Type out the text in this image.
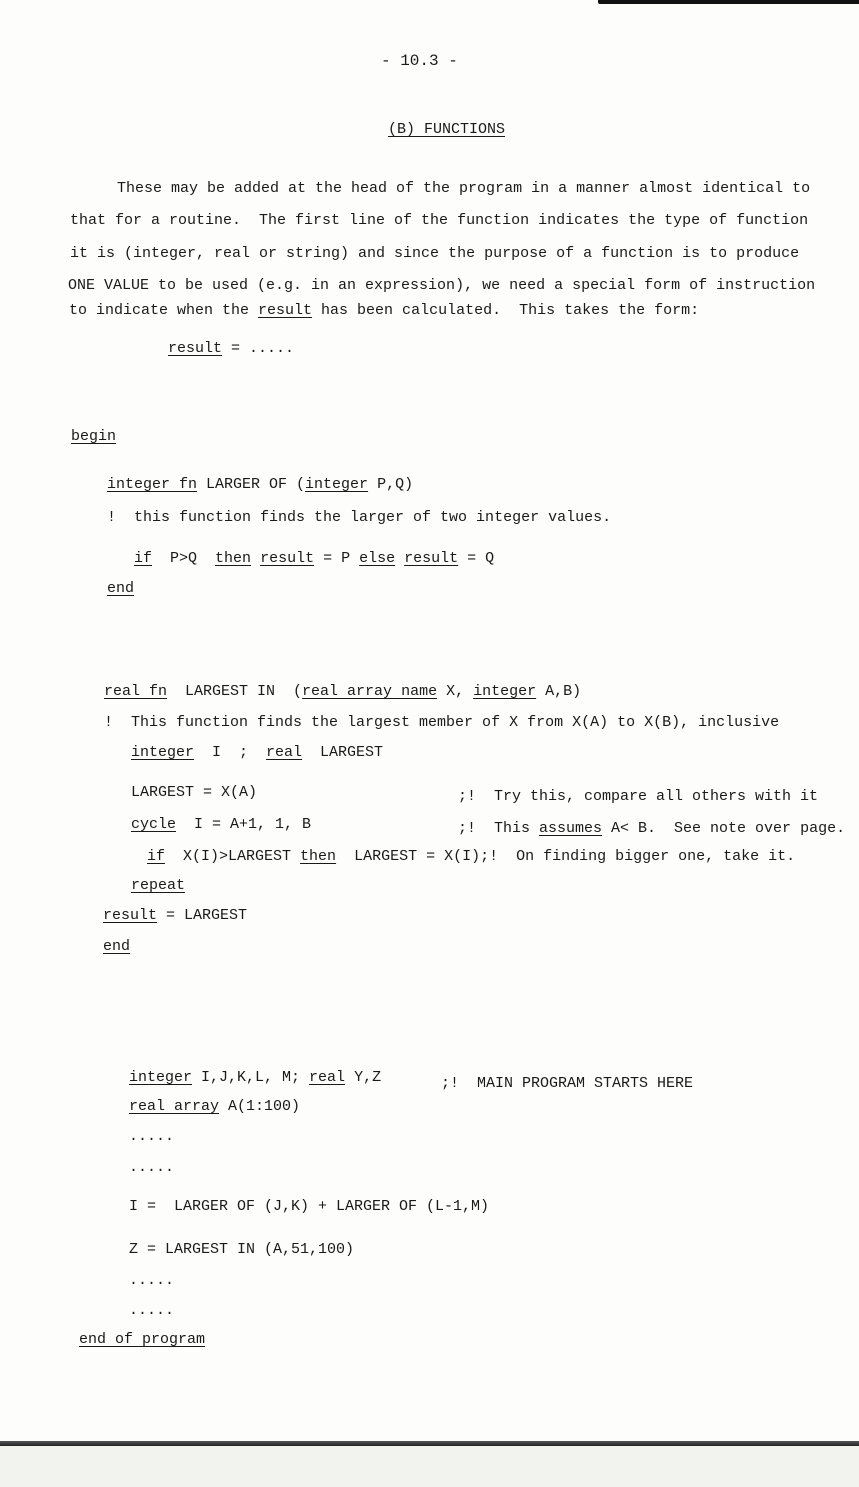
- 10.3 -
(B) FUNCTIONS
These may be added at the head of the program in a manner almost identical to
that for a routine.  The first line of the function indicates the type of function
it is (integer, real or string) and since the purpose of a function is to produce
ONE VALUE to be used (e.g. in an expression), we need a special form of instruction
to indicate when the result has been calculated.  This takes the form:
result = .....
begin
integer fn LARGER OF (integer P,Q)
!  this function finds the larger of two integer values.
if  P>Q  then result = P else result = Q
end
real fn  LARGEST IN  (real array name X, integer A,B)
!  This function finds the largest member of X from X(A) to X(B), inclusive
integer  I  ;  real  LARGEST
LARGEST = X(A)	;!  Try this, compare all others with it
cycle  I = A+1, 1, B	;!  This assumes A< B.  See note over page.
if  X(I)>LARGEST then  LARGEST = X(I);!  On finding bigger one, take it.
repeat
result = LARGEST
end
integer I,J,K,L, M; real Y,Z	;!  MAIN PROGRAM STARTS HERE
real array A(1:100)
.....
.....
I =  LARGER OF (J,K) + LARGER OF (L-1,M)
Z = LARGEST IN (A,51,100)
.....
.....
end of program
